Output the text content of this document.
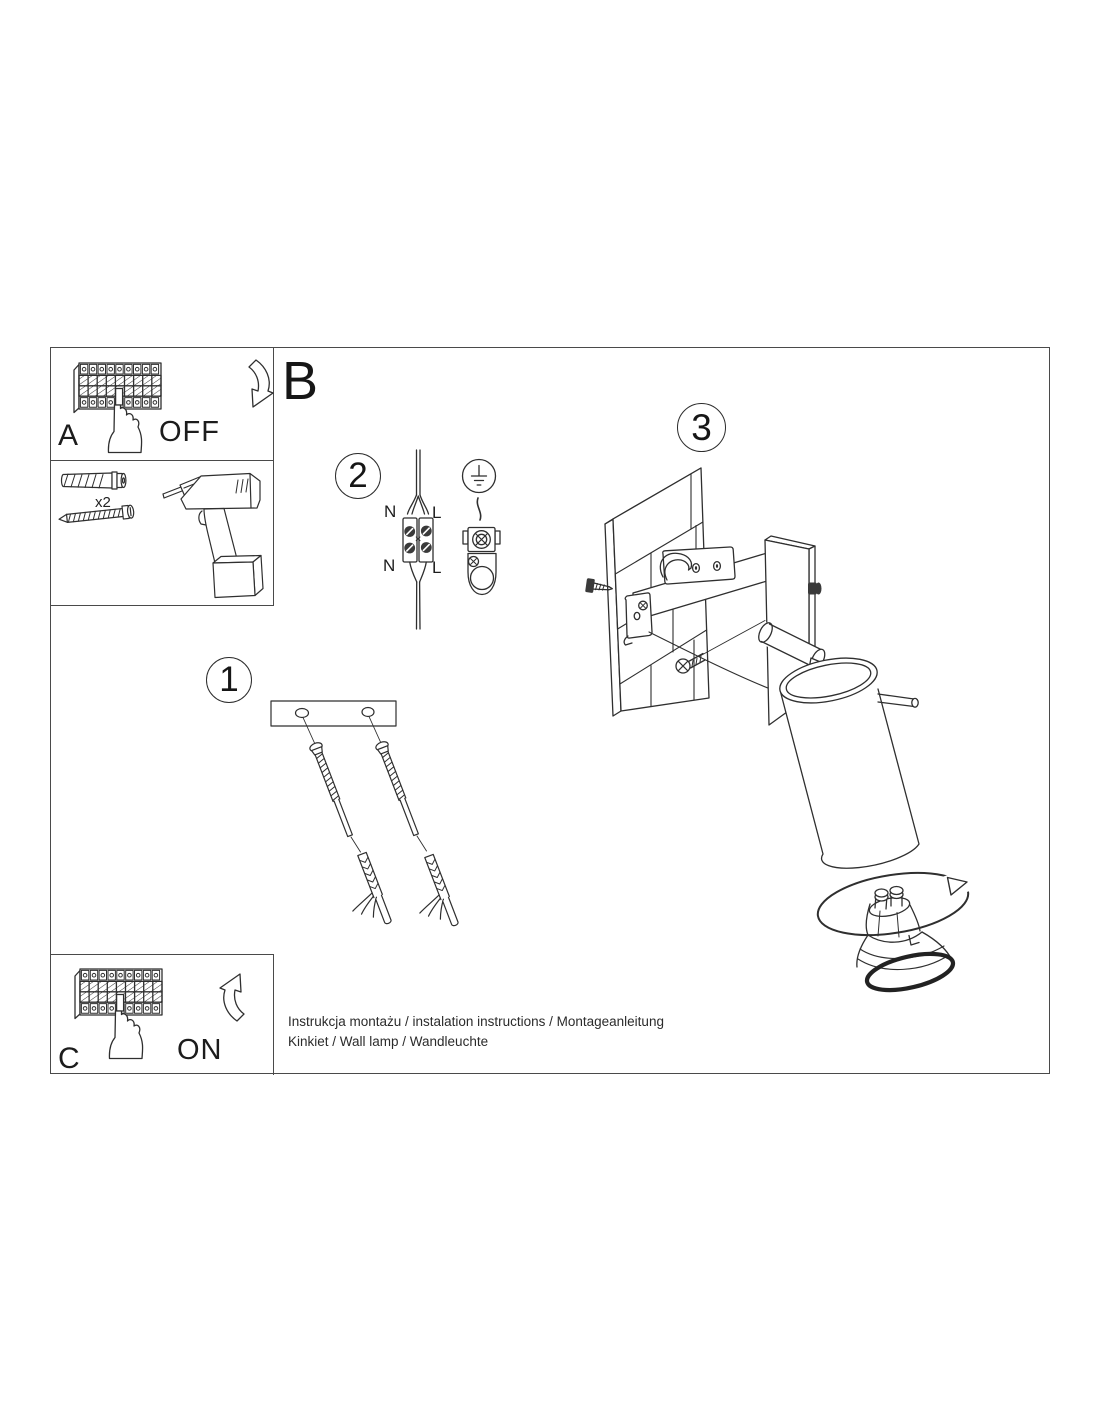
A	OFF
x2
B
1
2
3
N L
N L
C	ON
Instrukcja montażu / instalation instructions / Montageanleitung
Kinkiet / Wall lamp / Wandleuchte
